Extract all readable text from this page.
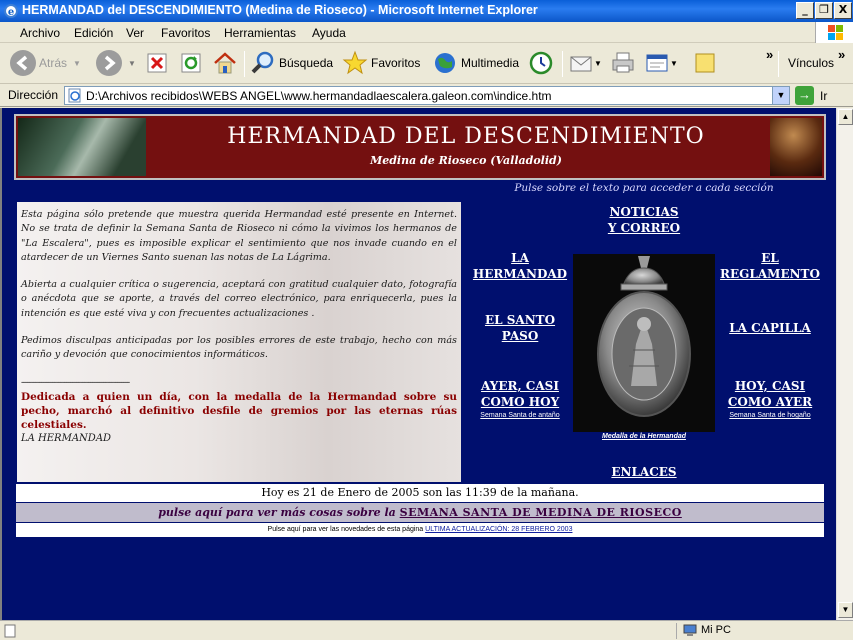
e HERMANDAD del DESCENDIMIENTO (Medina de Rioseco) - Microsoft Internet Explorer	_	❐ X
Archivo Edición Ver Favoritos Herramientas Ayuda
Atrás ▼	▼	Búsqueda	Favoritos	Multimedia	▼	▼
»
Vínculos
»
Dirección D:\Archivos recibidos\WEBS ANGEL\www.hermandadlaescalera.galeon.com\indice.htm	▼ → Ir
HERMANDAD DEL DESCENDIMIENTO
Medina de Rioseco (Valladolid)

Esta página sólo pretende que muestra querida Hermandad esté presente en Internet. No se trata de definir la Semana Santa de Rioseco ni cómo la vivimos los hermanos de "La Escalera", pues es imposible explicar el sentimiento que nos invade cuando en el atardecer de un Viernes Santo suenan las notas de La Lágrima.

Abierta a cualquier crítica o sugerencia, aceptará con gratitud cualquier dato, fotografía o anécdota que se aporte, a través del correo electrónico, para enriquecerla, pues la intención es que esté viva y con frecuentes actualizaciones .

Pedimos disculpas anticipadas por los posibles errores de este trabajo, hecho con más cariño y devoción que conocimientos informáticos.

-----------------------------------------------------
Dedicada a quien un día, con la medalla de la Hermandad sobre su pecho, marchó al definitivo desfile de gremios por las eternas rúas celestiales.
LA HERMANDAD
Pulse sobre el texto para acceder a cada sección
NOTICIAS
Y CORREO
LA
HERMANDAD
EL
REGLAMENTO
EL SANTO
PASO
LA CAPILLA
AYER, CASI
COMO HOY
Semana Santa de antaño
HOY, CASI
COMO AYER
Semana Santa de hogaño
Medalla de la Hermandad
ENLACES
Hoy es 21 de Enero de 2005 son las 11:39 de la mañana.
pulse aquí para ver más cosas sobre la SEMANA SANTA DE MEDINA DE RIOSECO
Pulse aquí para ver las novedades de esta página ULTIMA ACTUALIZACIÓN: 28 FEBRERO 2003
▲
▼
Mi PC
